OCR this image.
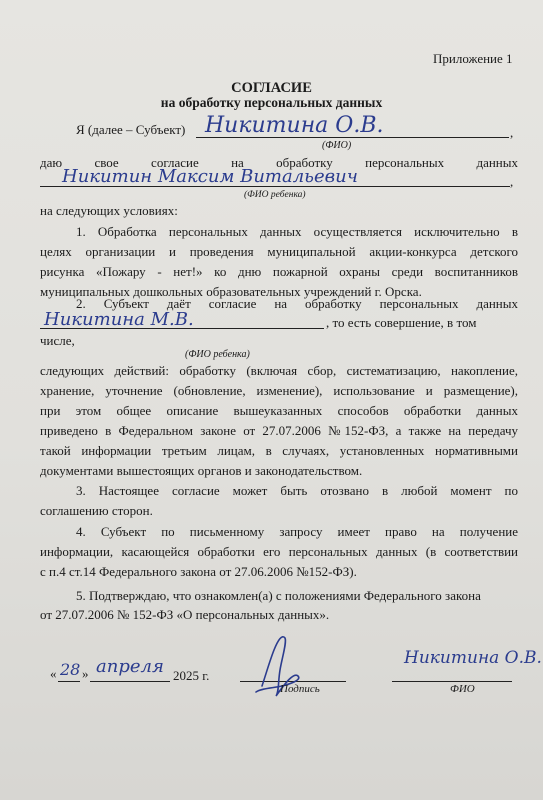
Приложение 1
СОГЛАСИЕ
на обработку персональных данных
Я (далее – Субъект) Никитина О.В.	,
(ФИО)
даю свое согласие на обработку персональных данных
Никитин Максим Витальевич	,
(ФИО ребенка)
на следующих условиях:
1. Обработка персональных данных осуществляется исключительно в
целях организации и проведения муниципальной акции-конкурса детского
рисунка «Пожару - нет!» ко дню пожарной охраны среди воспитанников
муниципальных дошкольных образовательных учреждений г. Орска.
2. Субъект даёт согласие на обработку персональных данных
Никитина М.В.	, то есть совершение, в том
числе,
(ФИО ребенка)
следующих действий: обработку (включая сбор, систематизацию, накопление,
хранение, уточнение (обновление, изменение), использование и размещение),
при этом общее описание вышеуказанных способов обработки данных
приведено в Федеральном законе от 27.07.2006 №152-ФЗ, а также на передачу
такой информации третьим лицам, в случаях, установленных нормативными
документами вышестоящих органов и законодательством.
3. Настоящее согласие может быть отозвано в любой момент по
соглашению сторон.
4. Субъект по письменному запросу имеет право на получение
информации, касающейся обработки его персональных данных (в соответствии
с п.4 ст.14 Федерального закона от 27.06.2006 №152-ФЗ).
5. Подтверждаю, что ознакомлен(а) с положениями Федерального закона
от 27.07.2006 № 152-ФЗ «О персональных данных».
« 28 » апреля 2025 г.
Подпись
Никитина О.В.
ФИО
